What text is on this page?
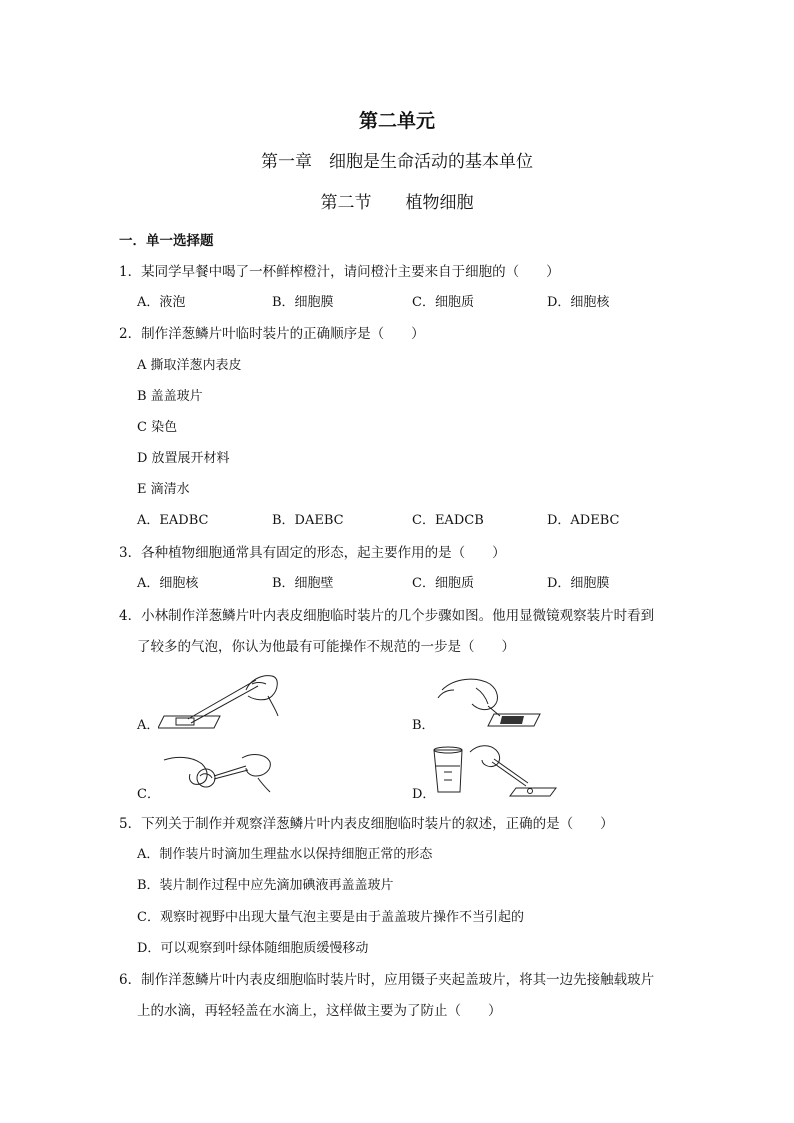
第二单元
第一章　细胞是生命活动的基本单位
第二节　　植物细胞
一．单一选择题
1．某同学早餐中喝了一杯鲜榨橙汁，请问橙汁主要来自于细胞的（　　）
A．液泡	B．细胞膜	C．细胞质	D．细胞核
2．制作洋葱鳞片叶临时装片的正确顺序是（　　）
A 撕取洋葱内表皮
B 盖盖玻片
C 染色
D 放置展开材料
E 滴清水
A．EADBC	B．DAEBC	C．EADCB	D．ADEBC
3．各种植物细胞通常具有固定的形态，起主要作用的是（　　）
A．细胞核	B．细胞壁	C．细胞质	D．细胞膜
4．小林制作洋葱鳞片叶内表皮细胞临时装片的几个步骤如图。他用显微镜观察装片时看到
了较多的气泡，你认为他最有可能操作不规范的一步是（　　）
A．	B．
C．	D．
5．下列关于制作并观察洋葱鳞片叶内表皮细胞临时装片的叙述，正确的是（　　）
A．制作装片时滴加生理盐水以保持细胞正常的形态
B．装片制作过程中应先滴加碘液再盖盖玻片
C．观察时视野中出现大量气泡主要是由于盖盖玻片操作不当引起的
D．可以观察到叶绿体随细胞质缓慢移动
6．制作洋葱鳞片叶内表皮细胞临时装片时，应用镊子夹起盖玻片，将其一边先接触载玻片
上的水滴，再轻轻盖在水滴上，这样做主要为了防止（　　）
